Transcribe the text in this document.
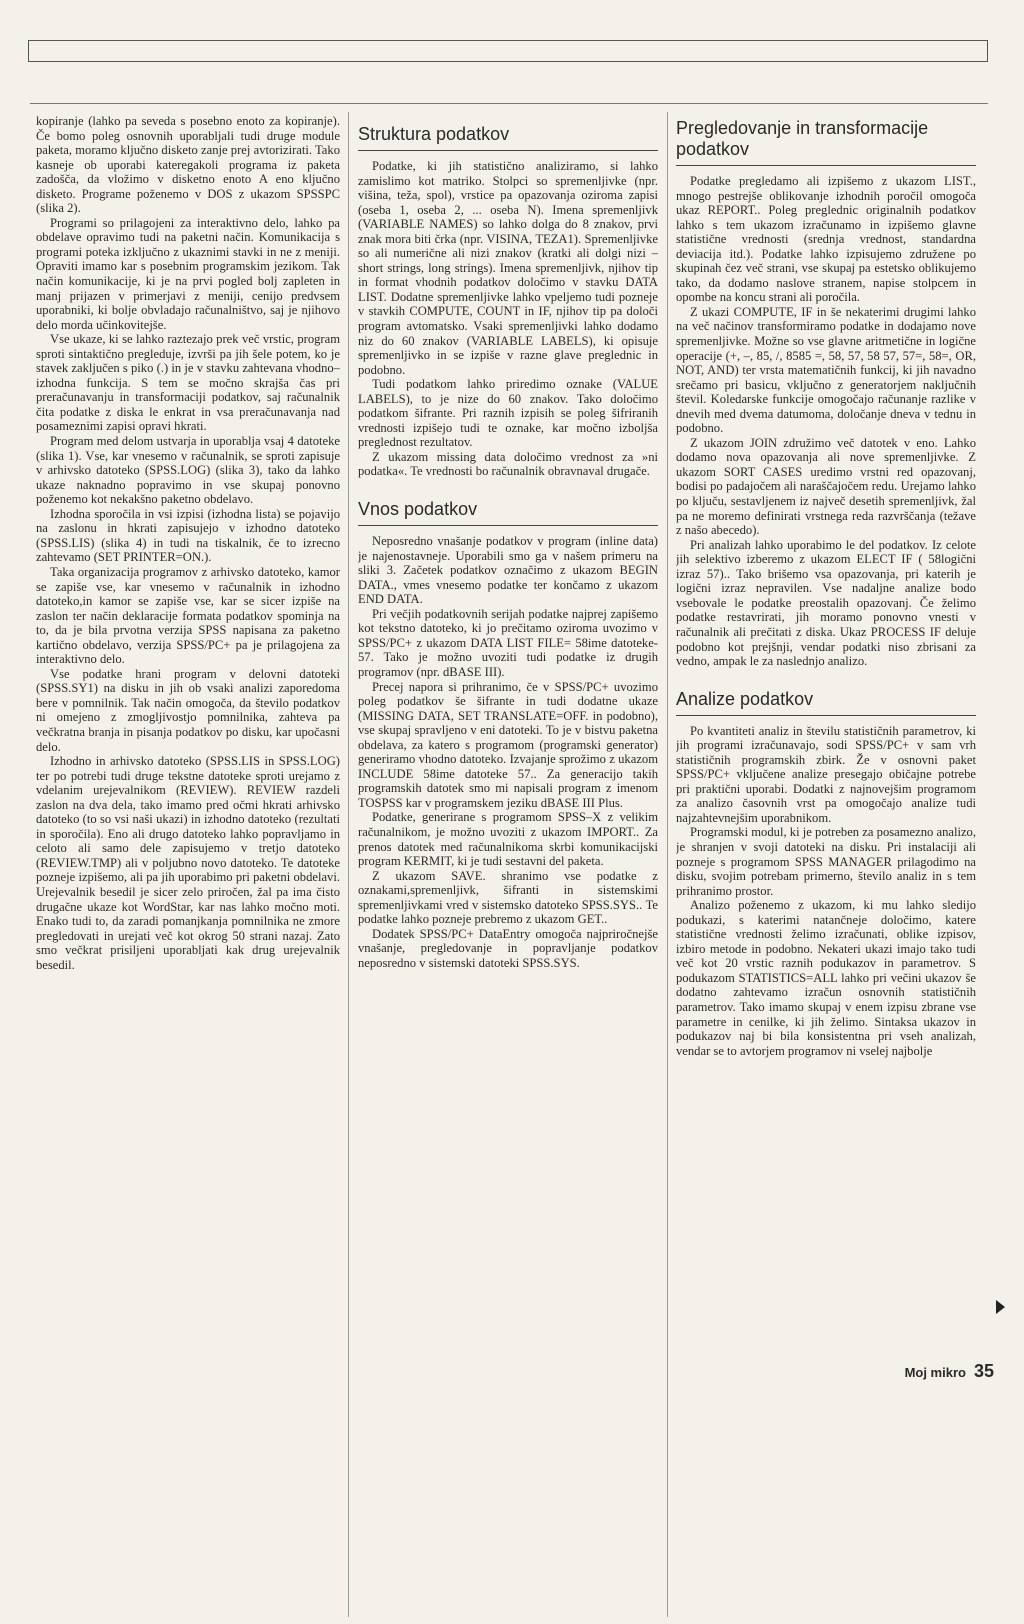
kopiranje (lahko pa seveda s posebno enoto za kopiranje). Če bomo poleg osnovnih uporabljali tudi druge module paketa, moramo ključno disketo zanje prej avtorizirati. Tako kasneje ob uporabi kateregakoli programa iz paketa zadošča, da vložimo v disketno enoto A eno ključno disketo. Programe poženemo v DOS z ukazom SPSSPC (slika 2).

Programi so prilagojeni za interaktivno delo, lahko pa obdelave opravimo tudi na paketni način. Komunikacija s programi poteka izključno z ukaznimi stavki in ne z meniji. Opraviti imamo kar s posebnim programskim jezikom. Tak način komunikacije, ki je na prvi pogled bolj zapleten in manj prijazen v primerjavi z meniji, cenijo predvsem uporabniki, ki bolje obvladajo računalništvo, saj je njihovo delo morda učinkovitejše.

Vse ukaze, ki se lahko raztezajo prek več vrstic, program sproti sintaktično pregleduje, izvrši pa jih šele potem, ko je stavek zaključen s piko (.) in je v stavku zahtevana vhodno–izhodna funkcija. S tem se močno skrajša čas pri preračunavanju in transformaciji podatkov, saj računalnik čita podatke z diska le enkrat in vsa preračunavanja nad posameznimi zapisi opravi hkrati.

Program med delom ustvarja in uporablja vsaj 4 datoteke (slika 1). Vse, kar vnesemo v računalnik, se sproti zapisuje v arhivsko datoteko (SPSS.LOG) (slika 3), tako da lahko ukaze naknadno popravimo in vse skupaj ponovno poženemo kot nekakšno paketno obdelavo.

Izhodna sporočila in vsi izpisi (izhodna lista) se pojavijo na zaslonu in hkrati zapisujejo v izhodno datoteko (SPSS.LIS) (slika 4) in tudi na tiskalnik, če to izrecno zahtevamo (SET PRINTER=ON.).

Taka organizacija programov z arhivsko datoteko, kamor se zapiše vse, kar vnesemo v računalnik in izhodno datoteko,in kamor se zapiše vse, kar se sicer izpiše na zaslon ter način deklaracije formata podatkov spominja na to, da je bila prvotna verzija SPSS napisana za paketno kartično obdelavo, verzija SPSS/PC+ pa je prilagojena za interaktivno delo.

Vse podatke hrani program v delovni datoteki (SPSS.SY1) na disku in jih ob vsaki analizi zaporedoma bere v pomnilnik. Tak način omogoča, da število podatkov ni omejeno z zmogljivostjo pomnilnika, zahteva pa večkratna branja in pisanja podatkov po disku, kar upočasni delo.

Izhodno in arhivsko datoteko (SPSS.LIS in SPSS.LOG) ter po potrebi tudi druge tekstne datoteke sproti urejamo z vdelanim urejevalnikom (REVIEW). REVIEW razdeli zaslon na dva dela, tako imamo pred očmi hkrati arhivsko datoteko (to so vsi naši ukazi) in izhodno datoteko (rezultati in sporočila). Eno ali drugo datoteko lahko popravljamo in celoto ali samo dele zapisujemo v tretjo datoteko (REVIEW.TMP) ali v poljubno novo datoteko. Te datoteke pozneje izpišemo, ali pa jih uporabimo pri paketni obdelavi. Urejevalnik besedil je sicer zelo priročen, žal pa ima čisto drugačne ukaze kot WordStar, kar nas lahko močno moti. Enako tudi to, da zaradi pomanjkanja pomnilnika ne zmore pregledovati in urejati več kot okrog 50 strani nazaj. Zato smo večkrat prisiljeni uporabljati kak drug urejevalnik besedil.

Struktura podatkov

Podatke, ki jih statistično analiziramo, si lahko zamislimo kot matriko. Stolpci so spremenljivke (npr. višina, teža, spol), vrstice pa opazovanja oziroma zapisi (oseba 1, oseba 2, ... oseba N). Imena spremenljivk (VARIABLE NAMES) so lahko dolga do 8 znakov, prvi znak mora biti črka (npr. VISINA, TEZA1). Spremenljivke so ali numerične ali nizi znakov (kratki ali dolgi nizi – short strings, long strings). Imena spremenljivk, njihov tip in format vhodnih podatkov določimo v stavku DATA LIST. Dodatne spremenljivke lahko vpeljemo tudi pozneje v stavkih COMPUTE, COUNT in IF, njihov tip pa določi program avtomatsko. Vsaki spremenljivki lahko dodamo niz do 60 znakov (VARIABLE LABELS), ki opisuje spremenljivko in se izpiše v razne glave preglednic in podobno.

Tudi podatkom lahko priredimo oznake (VALUE LABELS), to je nize do 60 znakov. Tako določimo podatkom šifrante. Pri raznih izpisih se poleg šifriranih vrednosti izpišejo tudi te oznake, kar močno izboljša preglednost rezultatov.

Z ukazom missing data določimo vrednost za »ni podatka«. Te vrednosti bo računalnik obravnaval drugače.

Vnos podatkov

Neposredno vnašanje podatkov v program (inline data) je najenostavneje. Uporabili smo ga v našem primeru na sliki 3. Začetek podatkov označimo z ukazom BEGIN DATA., vmes vnesemo podatke ter končamo z ukazom END DATA.

Pri večjih podatkovnih serijah podatke najprej zapišemo kot tekstno datoteko, ki jo prečitamo oziroma uvozimo v SPSS/PC+ z ukazom DATA LIST FILE= 58ime datoteke- 57. Tako je možno uvoziti tudi podatke iz drugih programov (npr. dBASE III).

Precej napora si prihranimo, če v SPSS/PC+ uvozimo poleg podatkov še šifrante in tudi dodatne ukaze (MISSING DATA, SET TRANSLATE=OFF. in podobno), vse skupaj spravljeno v eni datoteki. To je v bistvu paketna obdelava, za katero s programom (programski generator) generiramo vhodno datoteko. Izvajanje sprožimo z ukazom INCLUDE 58ime datoteke 57.. Za generacijo takih programskih datotek smo mi napisali program z imenom TOSPSS kar v programskem jeziku dBASE III Plus.

Podatke, generirane s programom SPSS–X z velikim računalnikom, je možno uvoziti z ukazom IMPORT.. Za prenos datotek med računalnikoma skrbi komunikacijski program KERMIT, ki je tudi sestavni del paketa.

Z ukazom SAVE. shranimo vse podatke z oznakami,spremenljivk, šifranti in sistemskimi spremenljivkami vred v sistemsko datoteko SPSS.SYS.. Te podatke lahko pozneje prebremo z ukazom GET..

Dodatek SPSS/PC+ DataEntry omogoča najpriročnejše vnašanje, pregledovanje in popravljanje podatkov neposredno v sistemski datoteki SPSS.SYS.

Pregledovanje in transformacije podatkov

Podatke pregledamo ali izpišemo z ukazom LIST., mnogo pestrejše oblikovanje izhodnih poročil omogoča ukaz REPORT.. Poleg preglednic originalnih podatkov lahko s tem ukazom izračunamo in izpišemo glavne statistične vrednosti (srednja vrednost, standardna deviacija itd.). Podatke lahko izpisujemo združene po skupinah čez več strani, vse skupaj pa estetsko oblikujemo tako, da dodamo naslove stranem, napise stolpcem in opombe na koncu strani ali poročila.

Z ukazi COMPUTE, IF in še nekaterimi drugimi lahko na več načinov transformiramo podatke in dodajamo nove spremenljivke. Možne so vse glavne aritmetične in logične operacije (+, –, 85, /, 8585 =, 58, 57, 58 57, 57=, 58=, OR, NOT, AND) ter vrsta matematičnih funkcij, ki jih navadno srečamo pri basicu, vključno z generatorjem naključnih števil. Koledarske funkcije omogočajo računanje razlike v dnevih med dvema datumoma, določanje dneva v tednu in podobno.

Z ukazom JOIN združimo več datotek v eno. Lahko dodamo nova opazovanja ali nove spremenljivke. Z ukazom SORT CASES uredimo vrstni red opazovanj, bodisi po padajočem ali naraščajočem redu. Urejamo lahko po ključu, sestavljenem iz največ desetih spremenljivk, žal pa ne moremo definirati vrstnega reda razvrščanja (težave z našo abecedo).

Pri analizah lahko uporabimo le del podatkov. Iz celote jih selektivo izberemo z ukazom ELECT IF ( 58logični izraz 57).. Tako brišemo vsa opazovanja, pri katerih je logični izraz nepravilen. Vse nadaljne analize bodo vsebovale le podatke preostalih opazovanj. Če želimo podatke restavrirati, jih moramo ponovno vnesti v računalnik ali prečitati z diska. Ukaz PROCESS IF deluje podobno kot prejšnji, vendar podatki niso zbrisani za vedno, ampak le za naslednjo analizo.

Analize podatkov

Po kvantiteti analiz in številu statističnih parametrov, ki jih programi izračunavajo, sodi SPSS/PC+ v sam vrh statističnih programskih zbirk. Že v osnovni paket SPSS/PC+ vključene analize presegajo običajne potrebe pri praktični uporabi. Dodatki z najnovejšim programom za analizo časovnih vrst pa omogočajo analize tudi najzahtevnejšim uporabnikom.

Programski modul, ki je potreben za posamezno analizo, je shranjen v svoji datoteki na disku. Pri instalaciji ali pozneje s programom SPSS MANAGER prilagodimo na disku, svojim potrebam primerno, število analiz in s tem prihranimo prostor.

Analizo poženemo z ukazom, ki mu lahko sledijo podukazi, s katerimi natančneje določimo, katere statistične vrednosti želimo izračunati, oblike izpisov, izbiro metode in podobno. Nekateri ukazi imajo tako tudi več kot 20 vrstic raznih podukazov in parametrov. S podukazom STATISTICS=ALL lahko pri večini ukazov še dodatno zahtevamo izračun osnovnih statističnih parametrov. Tako imamo skupaj v enem izpisu zbrane vse parametre in cenilke, ki jih želimo. Sintaksa ukazov in podukazov naj bi bila konsistentna pri vseh analizah, vendar se to avtorjem programov ni vselej najbolje

Moj mikro 35
